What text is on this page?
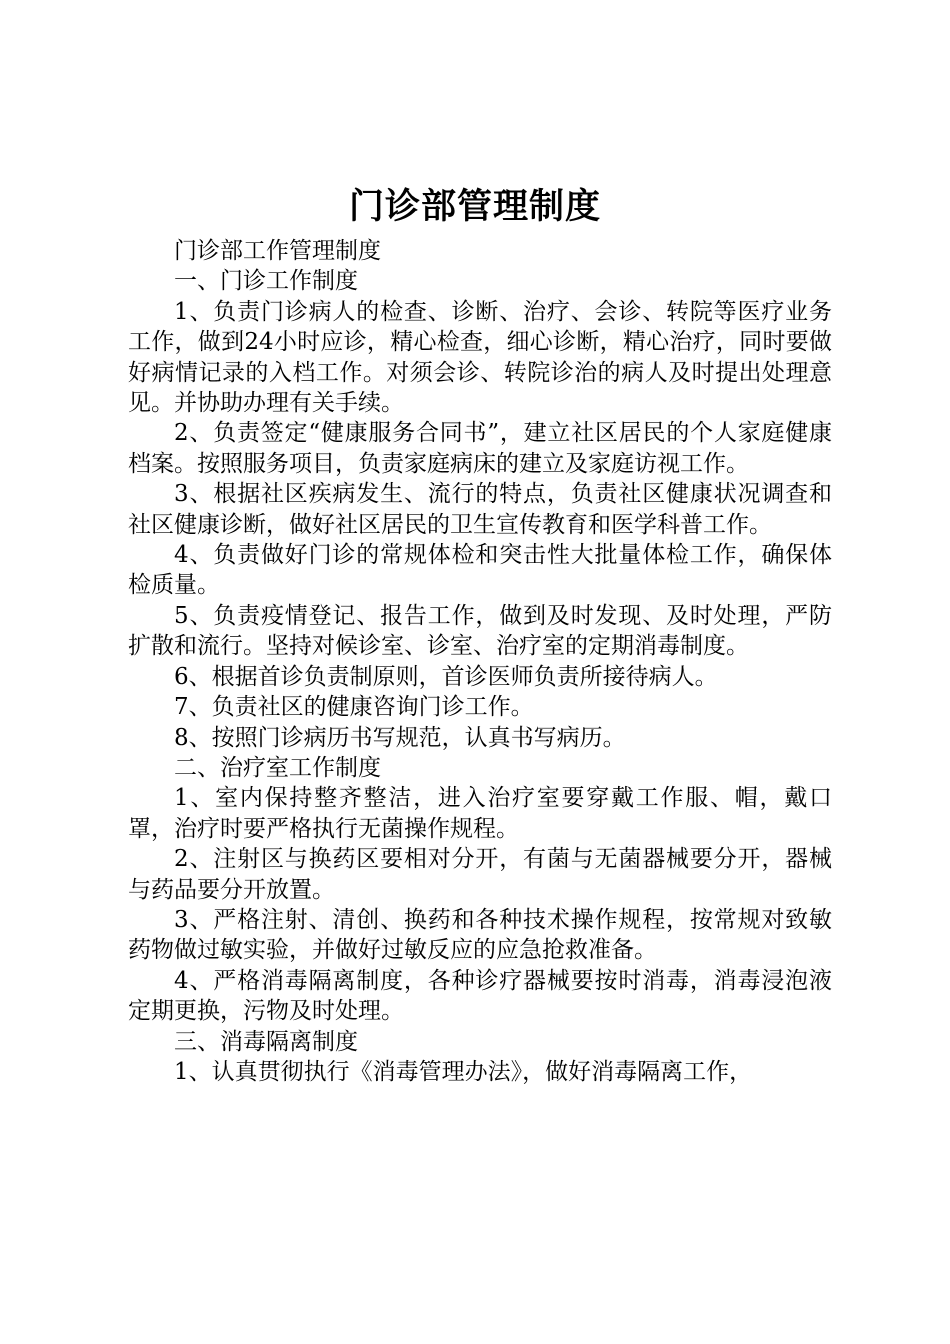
门诊部管理制度

门诊部工作管理制度

一、门诊工作制度

1、负责门诊病人的检查、诊断、治疗、会诊、转院等医疗业务工作，做到24小时应诊，精心检查，细心诊断，精心治疗，同时要做好病情记录的入档工作。对须会诊、转院诊治的病人及时提出处理意见。并协助办理有关手续。

2、负责签定“健康服务合同书”，建立社区居民的个人家庭健康档案。按照服务项目，负责家庭病床的建立及家庭访视工作。

3、根据社区疾病发生、流行的特点，负责社区健康状况调查和社区健康诊断，做好社区居民的卫生宣传教育和医学科普工作。

4、负责做好门诊的常规体检和突击性大批量体检工作，确保体检质量。

5、负责疫情登记、报告工作，做到及时发现、及时处理，严防扩散和流行。坚持对候诊室、诊室、治疗室的定期消毒制度。

6、根据首诊负责制原则，首诊医师负责所接待病人。

7、负责社区的健康咨询门诊工作。

8、按照门诊病历书写规范，认真书写病历。

二、治疗室工作制度

1、室内保持整齐整洁，进入治疗室要穿戴工作服、帽，戴口罩，治疗时要严格执行无菌操作规程。

2、注射区与换药区要相对分开，有菌与无菌器械要分开，器械与药品要分开放置。

3、严格注射、清创、换药和各种技术操作规程，按常规对致敏药物做过敏实验，并做好过敏反应的应急抢救准备。

4、严格消毒隔离制度，各种诊疗器械要按时消毒，消毒浸泡液定期更换，污物及时处理。

三、消毒隔离制度

1、认真贯彻执行《消毒管理办法》，做好消毒隔离工作，
